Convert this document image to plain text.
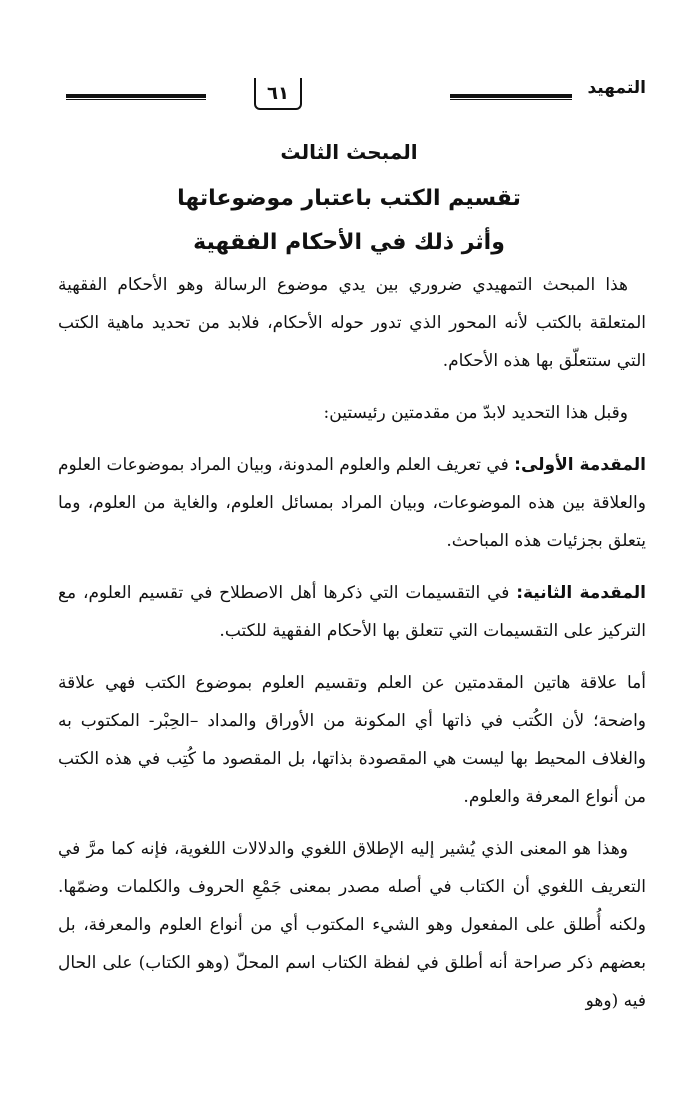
التمهيد
٦١
المبحث الثالث
تقسيم الكتب باعتبار موضوعاتها
وأثر ذلك في الأحكام الفقهية

هذا المبحث التمهيدي ضروري بين يدي موضوع الرسالة وهو الأحكام الفقهية المتعلقة بالكتب لأنه المحور الذي تدور حوله الأحكام، فلابد من تحديد ماهية الكتب التي ستتعلّق بها هذه الأحكام.

وقبل هذا التحديد لابدّ من مقدمتين رئيستين:

المقدمة الأولى: في تعريف العلم والعلوم المدونة، وبيان المراد بموضوعات العلوم والعلاقة بين هذه الموضوعات، وبيان المراد بمسائل العلوم، والغاية من العلوم، وما يتعلق بجزئيات هذه المباحث.

المقدمة الثانية: في التقسيمات التي ذكرها أهل الاصطلاح في تقسيم العلوم، مع التركيز على التقسيمات التي تتعلق بها الأحكام الفقهية للكتب.

أما علاقة هاتين المقدمتين عن العلم وتقسيم العلوم بموضوع الكتب فهي علاقة واضحة؛ لأن الكُتب في ذاتها أي المكونة من الأوراق والمداد –الحِبْر- المكتوب به والغلاف المحيط بها ليست هي المقصودة بذاتها، بل المقصود ما كُتِب في هذه الكتب من أنواع المعرفة والعلوم.

وهذا هو المعنى الذي يُشير إليه الإطلاق اللغوي والدلالات اللغوية، فإنه كما مرَّ في التعريف اللغوي أن الكتاب في أصله مصدر بمعنى جَمْعِ الحروف والكلمات وضمّها. ولكنه أُطلق على المفعول وهو الشيء المكتوب أي من أنواع العلوم والمعرفة، بل بعضهم ذكر صراحة أنه أطلق في لفظة الكتاب اسم المحلّ (وهو الكتاب) على الحال فيه (وهو
